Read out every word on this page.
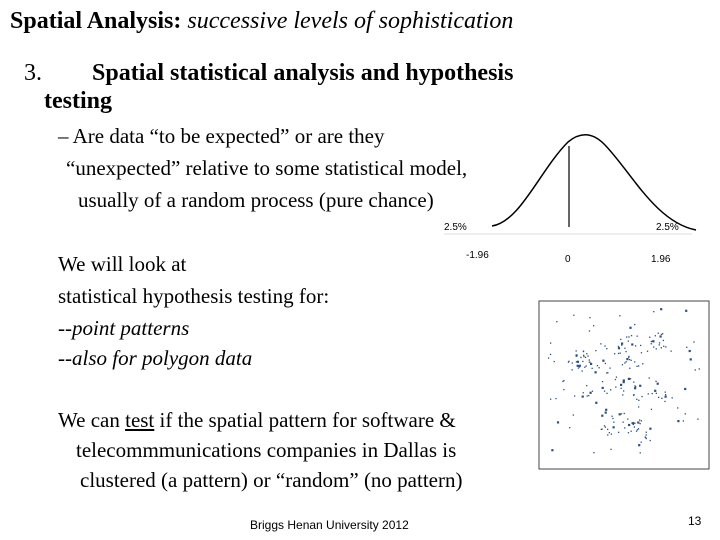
Spatial Analysis: successive levels of sophistication
3. Spatial statistical analysis and hypothesis
testing
– Are data “to be expected” or are they
“unexpected” relative to some statistical model,
usually of a random process (pure chance)
2.5%	2.5%
-1.96	0	1.96
We will look at
statistical hypothesis testing for:
--point patterns
--also for polygon data
We can test if the spatial pattern for software &
telecommmunications companies in Dallas is
clustered (a pattern) or “random” (no pattern)
Briggs Henan University 2012	13
